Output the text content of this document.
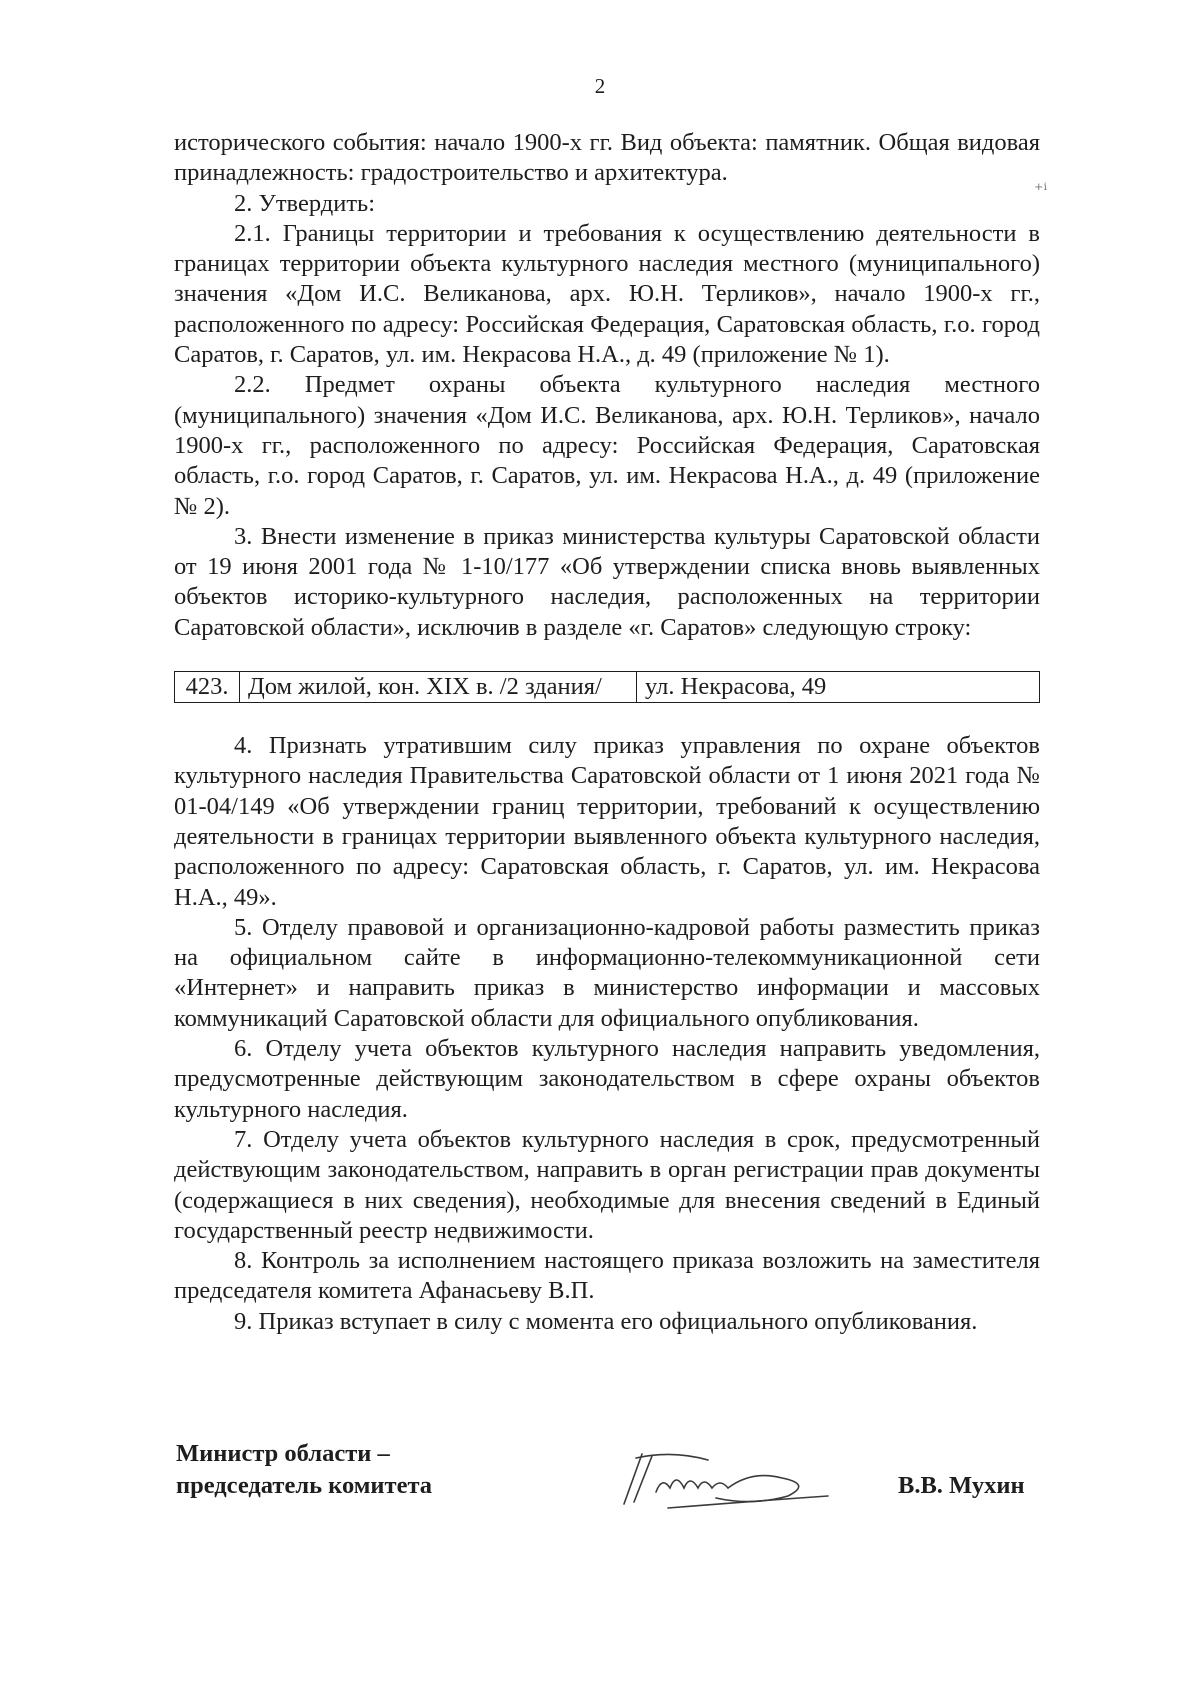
2
⁺ⁱ

исторического события: начало 1900-х гг. Вид объекта: памятник. Общая видовая принадлежность: градостроительство и архитектура.

2. Утвердить:

2.1. Границы территории и требования к осуществлению деятельности в границах территории объекта культурного наследия местного (муниципального) значения «Дом И.С. Великанова, арх. Ю.Н. Терликов», начало 1900-х гг., расположенного по адресу: Российская Федерация, Саратовская область, г.о. город Саратов, г. Саратов, ул. им. Некрасова Н.А., д. 49 (приложение № 1).

2.2. Предмет охраны объекта культурного наследия местного (муниципального) значения «Дом И.С. Великанова, арх. Ю.Н. Терликов», начало 1900-х гг., расположенного по адресу: Российская Федерация, Саратовская область, г.о. город Саратов, г. Саратов, ул. им. Некрасова Н.А., д. 49 (приложение № 2).

3. Внести изменение в приказ министерства культуры Саратовской области от 19 июня 2001 года № 1-10/177 «Об утверждении списка вновь выявленных объектов историко-культурного наследия, расположенных на территории Саратовской области», исключив в разделе «г. Саратов» следующую строку:

423.	Дом жилой, кон. XIX в. /2 здания/	ул. Некрасова, 49

4. Признать утратившим силу приказ управления по охране объектов культурного наследия Правительства Саратовской области от 1 июня 2021 года № 01-04/149 «Об утверждении границ территории, требований к осуществлению деятельности в границах территории выявленного объекта культурного наследия, расположенного по адресу: Саратовская область, г. Саратов, ул. им. Некрасова Н.А., 49».

5. Отделу правовой и организационно-кадровой работы разместить приказ на официальном сайте в информационно-телекоммуникационной сети «Интернет» и направить приказ в министерство информации и массовых коммуникаций Саратовской области для официального опубликования.

6. Отделу учета объектов культурного наследия направить уведомления, предусмотренные действующим законодательством в сфере охраны объектов культурного наследия.

7. Отделу учета объектов культурного наследия в срок, предусмотренный действующим законодательством, направить в орган регистрации прав документы (содержащиеся в них сведения), необходимые для внесения сведений в Единый государственный реестр недвижимости.

8. Контроль за исполнением настоящего приказа возложить на заместителя председателя комитета Афанасьеву В.П.

9. Приказ вступает в силу с момента его официального опубликования.

Министр области –
председатель комитета	В.В. Мухин
